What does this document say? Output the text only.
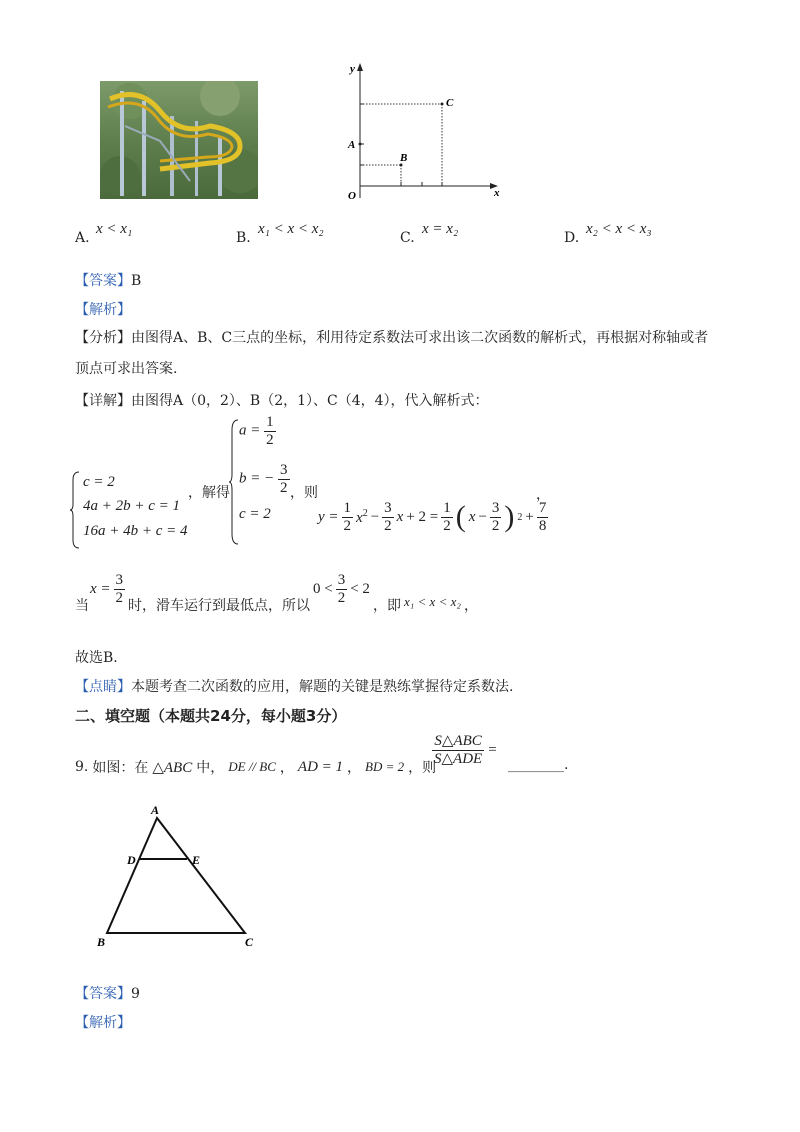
y
x
O
A
B
C
A.
x < x₁
B.
x₁ < x < x₂
C.
x = x₂
D.
x₂ < x < x₃
【答案】B
【解析】
【分析】由图得A、B、C三点的坐标，利用待定系数法可求出该二次函数的解析式，再根据对称轴或者
顶点可求出答案.
【详解】由图得A（0，2）、B（2，1）、C（4，4），代入解析式：
c = 2
4a + 2b + c = 1
16a + 4b + c = 4
，解得
$a = \frac{1}{2}$
b = − $\frac{3}{2}$
c = 2
，则
$y = \frac{1}{2} x^2 - \frac{3}{2}$ $x + 2 = \frac{1}{2}$ ( $x - \frac{3}{2}$ ) $2 + \frac{7}{8}$
，
当
$x = \frac{3}{2}$ 时，滑车运行到最低点，所以
$0 < \frac{3}{2} < 2$
，即 x₁ < x < x₂ ，
故选B.
【点睛】本题考查二次函数的应用，解题的关键是熟练掌握待定系数法.
二、填空题（本题共24分，每小题3分）
9. 如图：在 △ABC 中， DE // BC ， AD = 1 ， BD = 2 ，则
$\frac{\text{S△ABC}}{\text{S△ADE}}$ =
________.
A
B	C
D	E
【答案】9
【解析】
